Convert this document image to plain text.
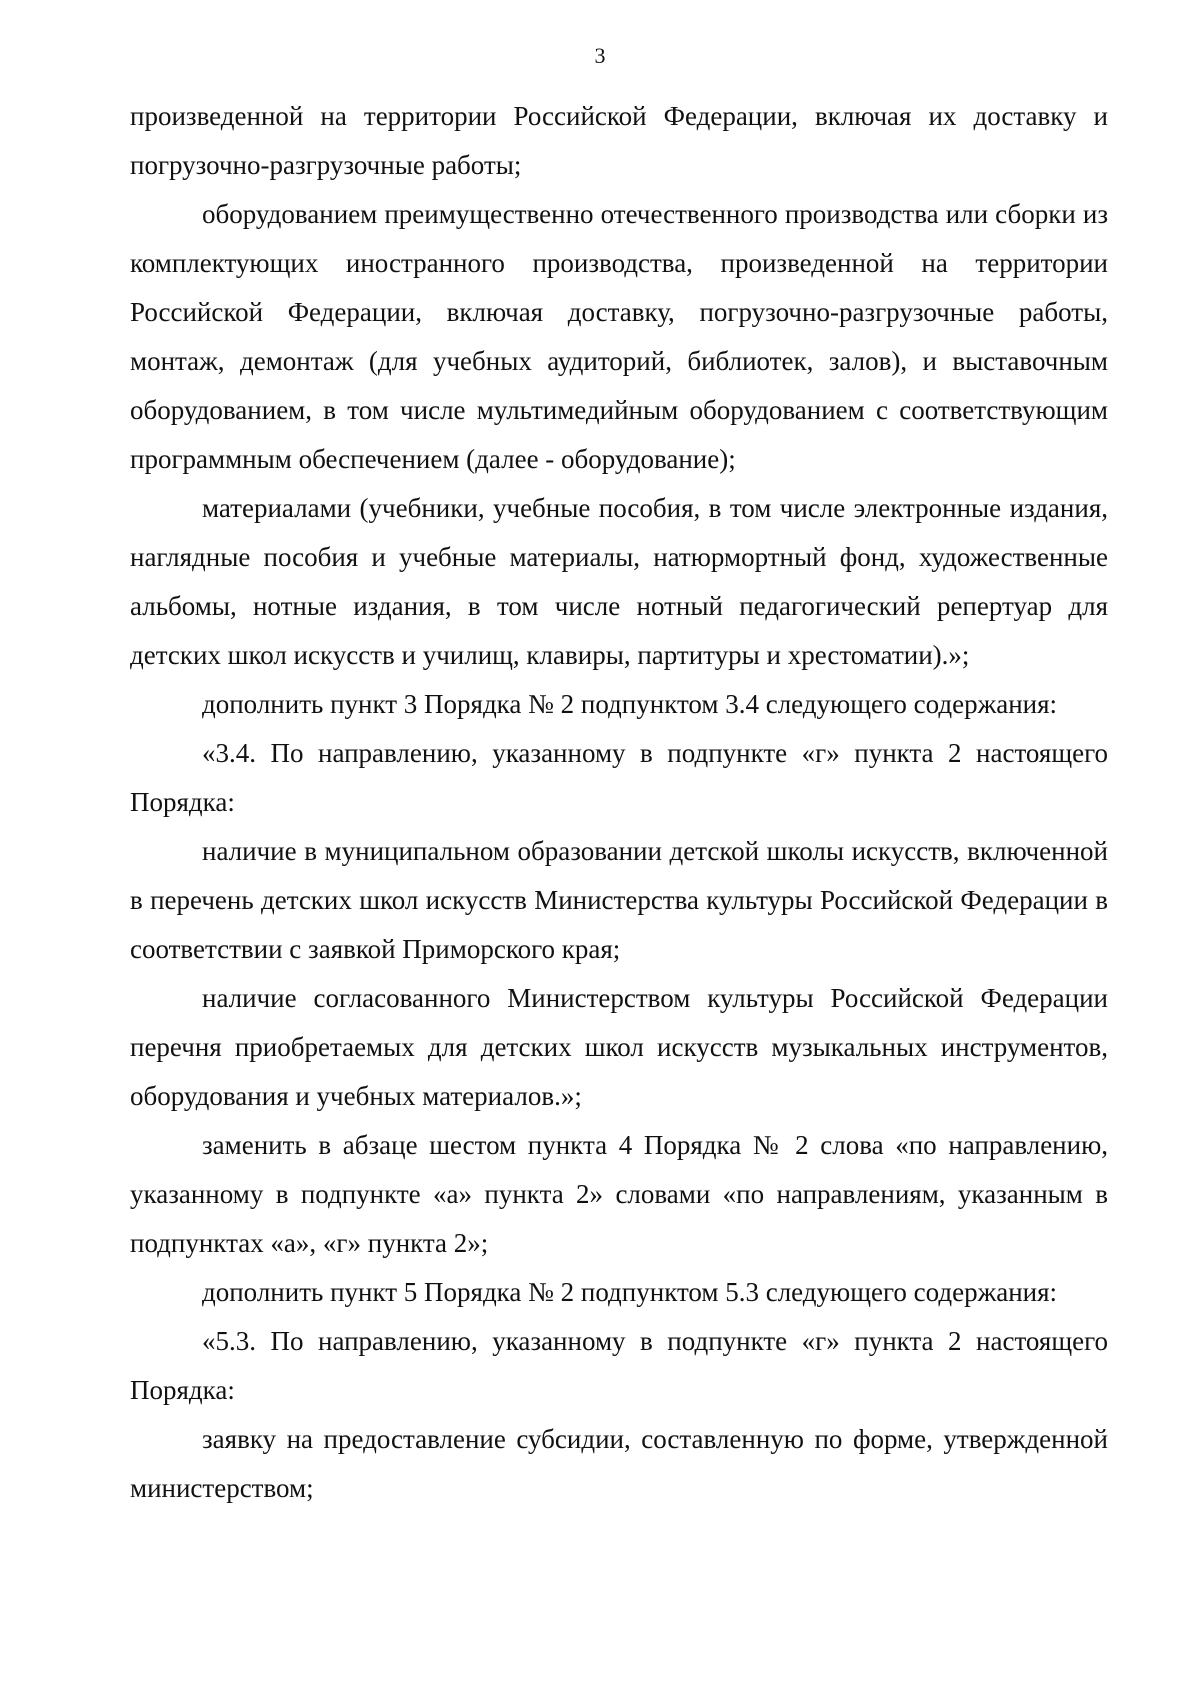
3

произведенной на территории Российской Федерации, включая их доставку и погрузочно-разгрузочные работы;

оборудованием преимущественно отечественного производства или сборки из комплектующих иностранного производства, произведенной на территории Российской Федерации, включая доставку, погрузочно-разгрузочные работы, монтаж, демонтаж (для учебных аудиторий, библиотек, залов), и выставочным оборудованием, в том числе мультимедийным оборудованием с соответствующим программным обеспечением (далее - оборудование);

материалами (учебники, учебные пособия, в том числе электронные издания, наглядные пособия и учебные материалы, натюрмортный фонд, художественные альбомы, нотные издания, в том числе нотный педагогический репертуар для детских школ искусств и училищ, клавиры, партитуры и хрестоматии).»;

дополнить пункт 3 Порядка № 2 подпунктом 3.4 следующего содержания:

«3.4. По направлению, указанному в подпункте «г» пункта 2 настоящего Порядка:

наличие в муниципальном образовании детской школы искусств, включенной в перечень детских школ искусств Министерства культуры Российской Федерации в соответствии с заявкой Приморского края;

наличие согласованного Министерством культуры Российской Федерации перечня приобретаемых для детских школ искусств музыкальных инструментов, оборудования и учебных материалов.»;

заменить в абзаце шестом пункта 4 Порядка № 2 слова «по направлению, указанному в подпункте «а» пункта 2» словами «по направлениям, указанным в подпунктах «а», «г» пункта 2»;

дополнить пункт 5 Порядка № 2 подпунктом 5.3 следующего содержания:

«5.3. По направлению, указанному в подпункте «г» пункта 2 настоящего Порядка:

заявку на предоставление субсидии, составленную по форме, утвержденной министерством;
